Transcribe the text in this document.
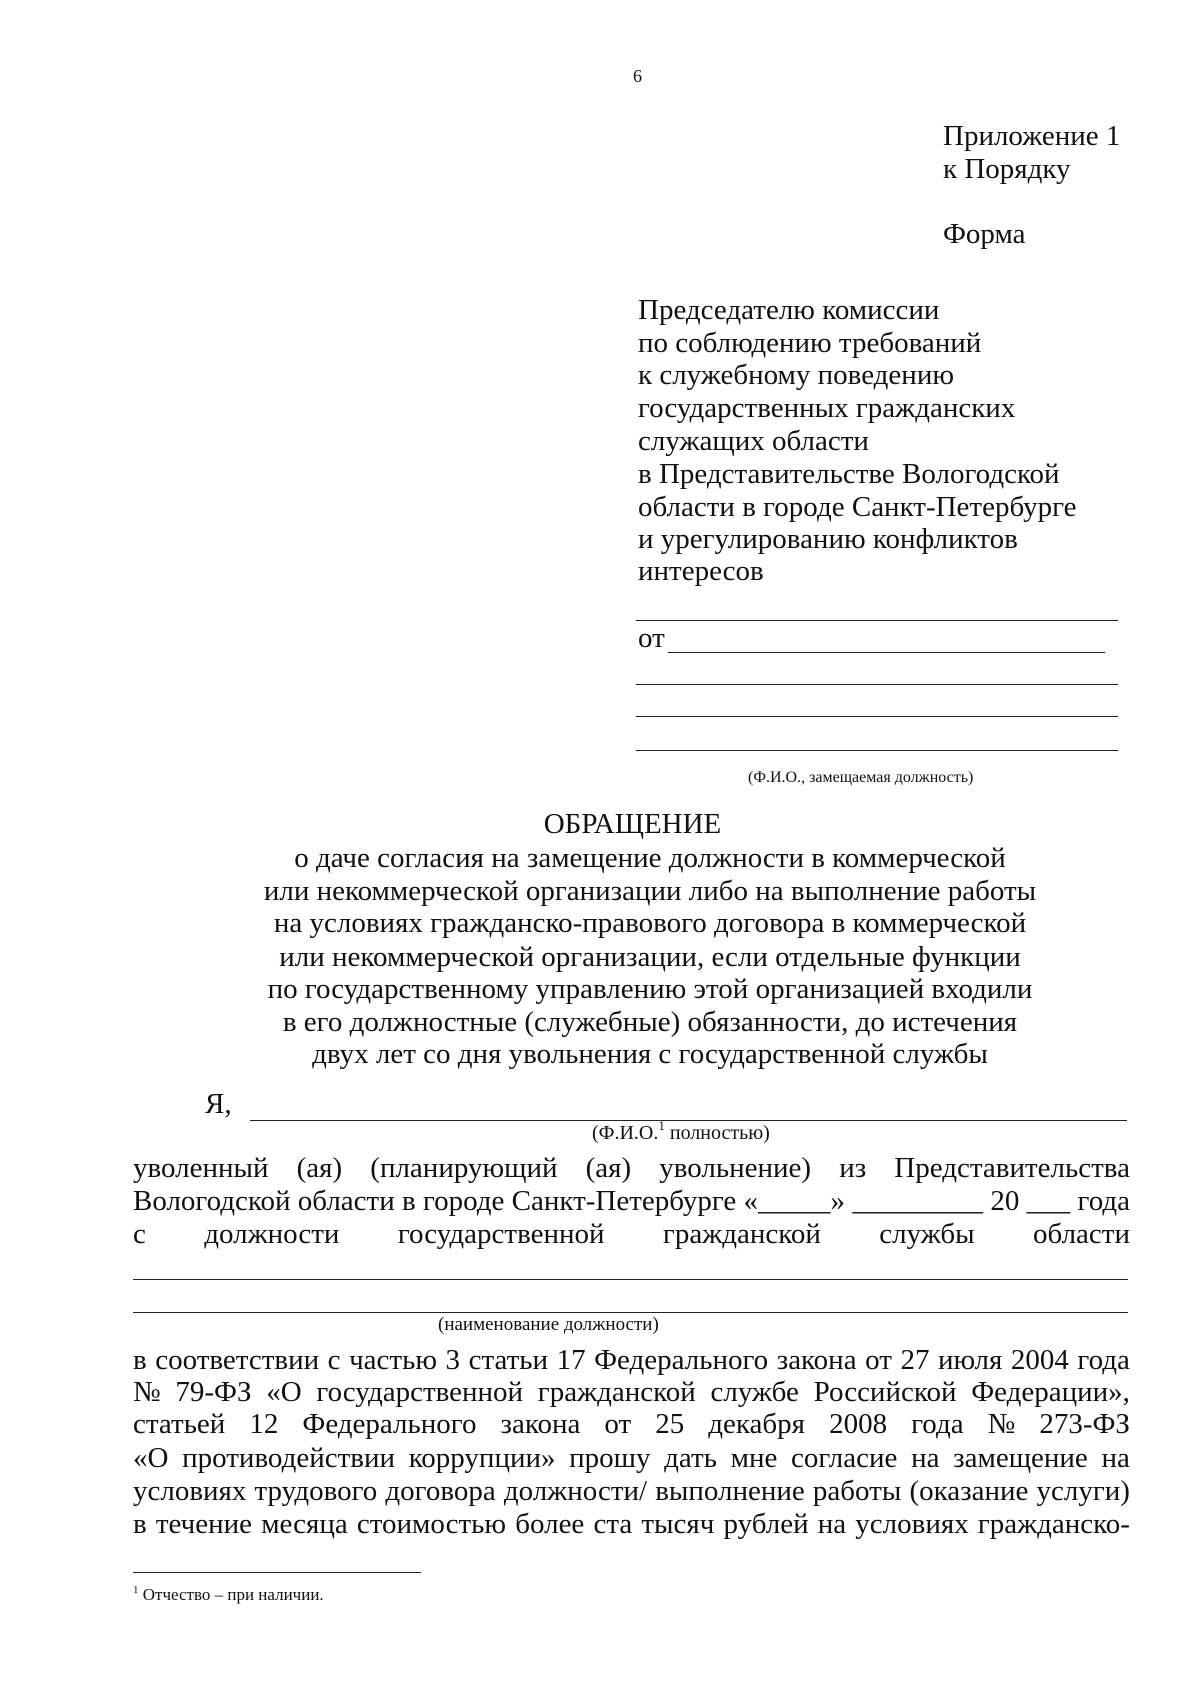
6
Приложение 1
к Порядку
Форма
Председателю комиссии
по соблюдению требований
к служебному поведению
государственных гражданских
служащих области
в Представительстве Вологодской
области в городе Санкт-Петербурге
и урегулированию конфликтов
интересов
от
(Ф.И.О., замещаемая должность)
ОБРАЩЕНИЕ
о даче согласия на замещение должности в коммерческой
или некоммерческой организации либо на выполнение работы
на условиях гражданско-правового договора в коммерческой
или некоммерческой организации, если отдельные функции
по государственному управлению этой организацией входили
в его должностные (служебные) обязанности, до истечения
двух лет со дня увольнения с государственной службы
Я,
(Ф.И.О.$^1$ полностью)
уволенный (ая) (планирующий (ая) увольнение) из Представительства
Вологодской области в городе Санкт-Петербурге «_____» _________ 20 ___ года
с должности государственной гражданской службы области
(наименование должности)
в соответствии с частью 3 статьи 17 Федерального закона от 27 июля 2004 года
№ 79-ФЗ «О государственной гражданской службе Российской Федерации»,
статьей 12 Федерального закона от 25 декабря 2008 года № 273-ФЗ
«О противодействии коррупции» прошу дать мне согласие на замещение на
условиях трудового договора должности/ выполнение работы (оказание услуги)
в течение месяца стоимостью более ста тысяч рублей на условиях гражданско-
$^1$ Отчество – при наличии.
